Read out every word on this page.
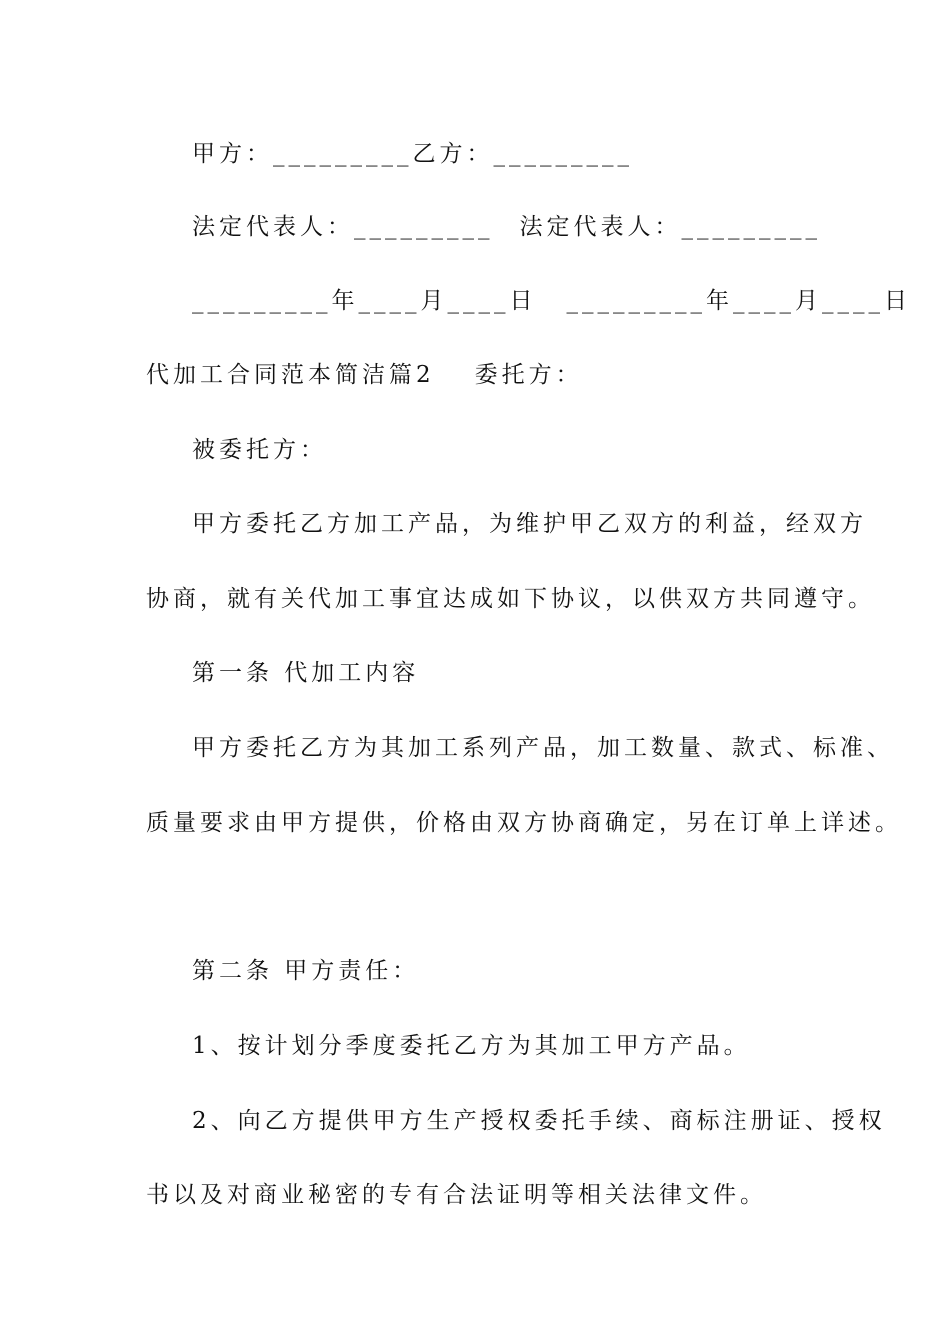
甲方：_________乙方：_________
法定代表人：_________ 法定代表人：_________
_________年____月____日 _________年____月____日
代加工合同范本简洁篇2 委托方：
被委托方：
甲方委托乙方加工产品，为维护甲乙双方的利益，经双方
协商，就有关代加工事宜达成如下协议，以供双方共同遵守。
第一条 代加工内容
甲方委托乙方为其加工系列产品，加工数量、款式、标准、
质量要求由甲方提供，价格由双方协商确定，另在订单上详述。
第二条 甲方责任：
1、按计划分季度委托乙方为其加工甲方产品。
2、向乙方提供甲方生产授权委托手续、商标注册证、授权
书以及对商业秘密的专有合法证明等相关法律文件。
